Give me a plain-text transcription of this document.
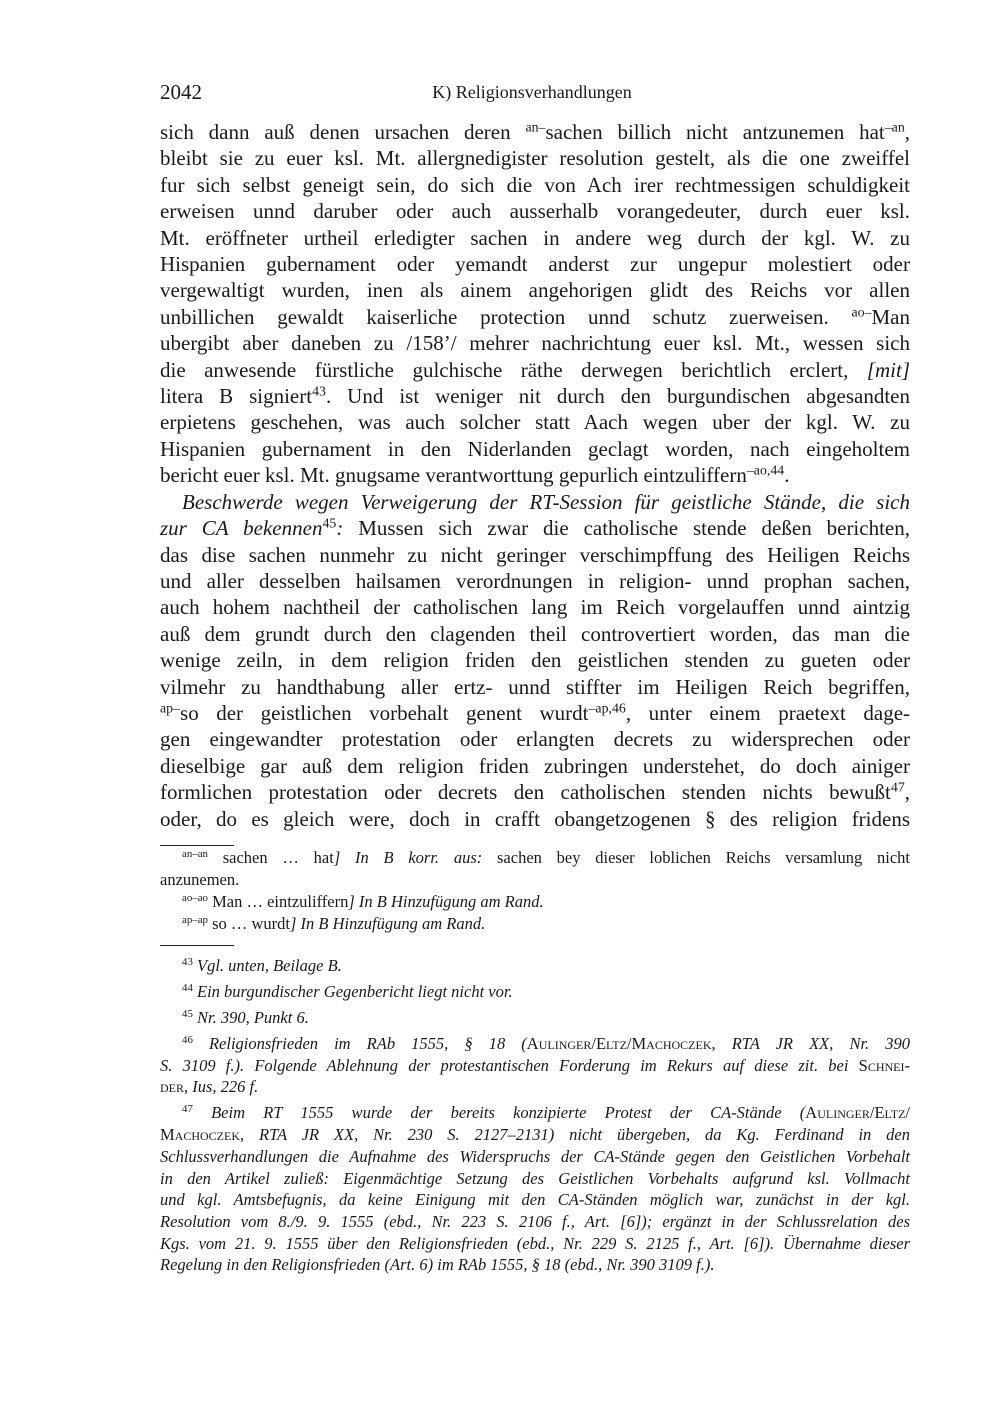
2042	K) Religionsverhandlungen
sich dann auß denen ursachen deren $^{an-}$sachen billich nicht antzunemen hat$^{-an}$,
bleibt sie zu euer ksl. Mt. allergnedigister resolution gestelt, als die one zweiffel
fur sich selbst geneigt sein, do sich die von Ach irer rechtmessigen schuldigkeit
erweisen unnd daruber oder auch ausserhalb vorangedeuter, durch euer ksl.
Mt. eröffneter urtheil erledigter sachen in andere weg durch der kgl. W. zu
Hispanien gubernament oder yemandt anderst zur ungepur molestiert oder
vergewaltigt wurden, inen als ainem angehorigen glidt des Reichs vor allen
unbillichen gewaldt kaiserliche protection unnd schutz zuerweisen. $^{ao-}$Man
ubergibt aber daneben zu /158’/ mehrer nachrichtung euer ksl. Mt., wessen sich
die anwesende fürstliche gulchische räthe derwegen berichtlich erclert, [mit]
litera B signiert$^{43}$. Und ist weniger nit durch den burgundischen abgesandten
erpietens geschehen, was auch solcher statt Aach wegen uber der kgl. W. zu
Hispanien gubernament in den Niderlanden geclagt worden, nach eingeholtem
bericht euer ksl. Mt. gnugsame verantworttung gepurlich eintzuliffern$^{-ao,44}$.
Beschwerde wegen Verweigerung der RT-Session für geistliche Stände, die sich
zur CA bekennen$^{45}$: Mussen sich zwar die catholische stende deßen berichten,
das dise sachen nunmehr zu nicht geringer verschimpffung des Heiligen Reichs
und aller desselben hailsamen verordnungen in religion- unnd prophan sachen,
auch hohem nachtheil der catholischen lang im Reich vorgelauffen unnd aintzig
auß dem grundt durch den clagenden theil controvertiert worden, das man die
wenige zeiln, in dem religion friden den geistlichen stenden zu gueten oder
vilmehr zu handthabung aller ertz- unnd stiffter im Heiligen Reich begriffen,
$^{ap-}$so der geistlichen vorbehalt genent wurdt$^{-ap,46}$, unter einem praetext dage-
gen eingewandter protestation oder erlangten decrets zu widersprechen oder
dieselbige gar auß dem religion friden zubringen understehet, do doch ainiger
formlichen protestation oder decrets den catholischen stenden nichts bewußt$^{47}$,
oder, do es gleich were, doch in crafft obangetzogenen § des religion fridens
$^{an-an}$ sachen … hat] In B korr. aus: sachen bey dieser loblichen Reichs versamlung nicht
anzunemen.
$^{ao-ao}$ Man … eintzuliffern] In B Hinzufügung am Rand.
$^{ap-ap}$ so … wurdt] In B Hinzufügung am Rand.
$^{43}$ Vgl. unten, Beilage B.
$^{44}$ Ein burgundischer Gegenbericht liegt nicht vor.
$^{45}$ Nr. 390, Punkt 6.
$^{46}$ Religionsfrieden im RAb 1555, § 18 (Aulinger/Eltz/Machoczek, RTA JR XX, Nr. 390
S. 3109 f.). Folgende Ablehnung der protestantischen Forderung im Rekurs auf diese zit. bei Schnei-
der, Ius, 226 f.
$^{47}$ Beim RT 1555 wurde der bereits konzipierte Protest der CA-Stände (Aulinger/Eltz/
Machoczek, RTA JR XX, Nr. 230 S. 2127–2131) nicht übergeben, da Kg. Ferdinand in den
Schlussverhandlungen die Aufnahme des Widerspruchs der CA-Stände gegen den Geistlichen Vorbehalt
in den Artikel zuließ: Eigenmächtige Setzung des Geistlichen Vorbehalts aufgrund ksl. Vollmacht
und kgl. Amtsbefugnis, da keine Einigung mit den CA-Ständen möglich war, zunächst in der kgl.
Resolution vom 8./9. 9. 1555 (ebd., Nr. 223 S. 2106 f., Art. [6]); ergänzt in der Schlussrelation des
Kgs. vom 21. 9. 1555 über den Religionsfrieden (ebd., Nr. 229 S. 2125 f., Art. [6]). Übernahme dieser
Regelung in den Religionsfrieden (Art. 6) im RAb 1555, § 18 (ebd., Nr. 390 3109 f.).
